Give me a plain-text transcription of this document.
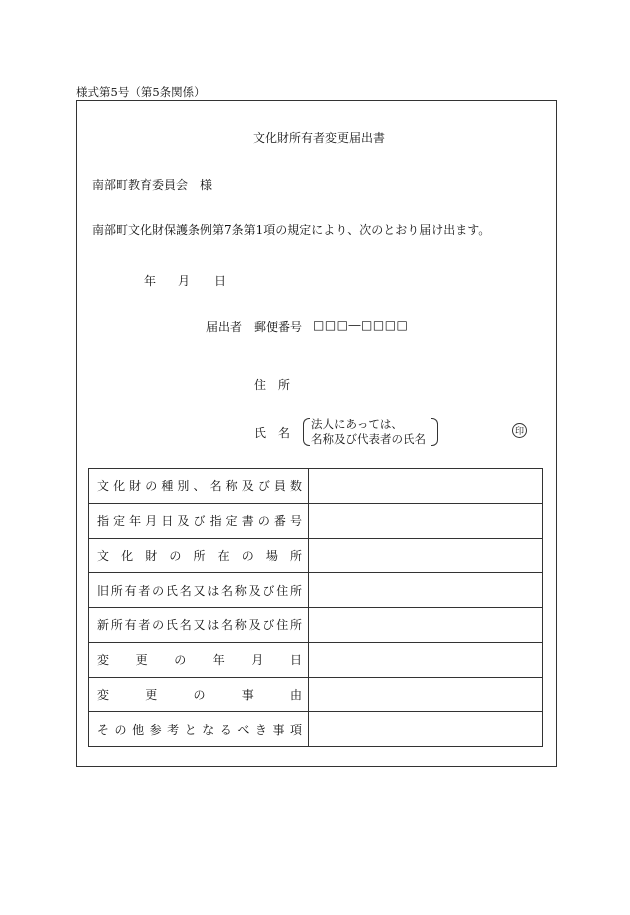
様式第5号（第5条関係）
文化財所有者変更届出書
南部町教育委員会　様
南部町文化財保護条例第7条第1項の規定により、次のとおり届け出ます。
年 月 日
届出者 郵便番号 □□□―□□□□
住　所
氏　名
法人にあっては、
名称及び代表者の氏名	印
文化財の種別、名称及び員数	
指定年月日及び指定書の番号	
文化財の所在の場所	
旧所有者の氏名又は名称及び住所	
新所有者の氏名又は名称及び住所	
変更の年月日	
変更の事由	
その他参考となるべき事項	
